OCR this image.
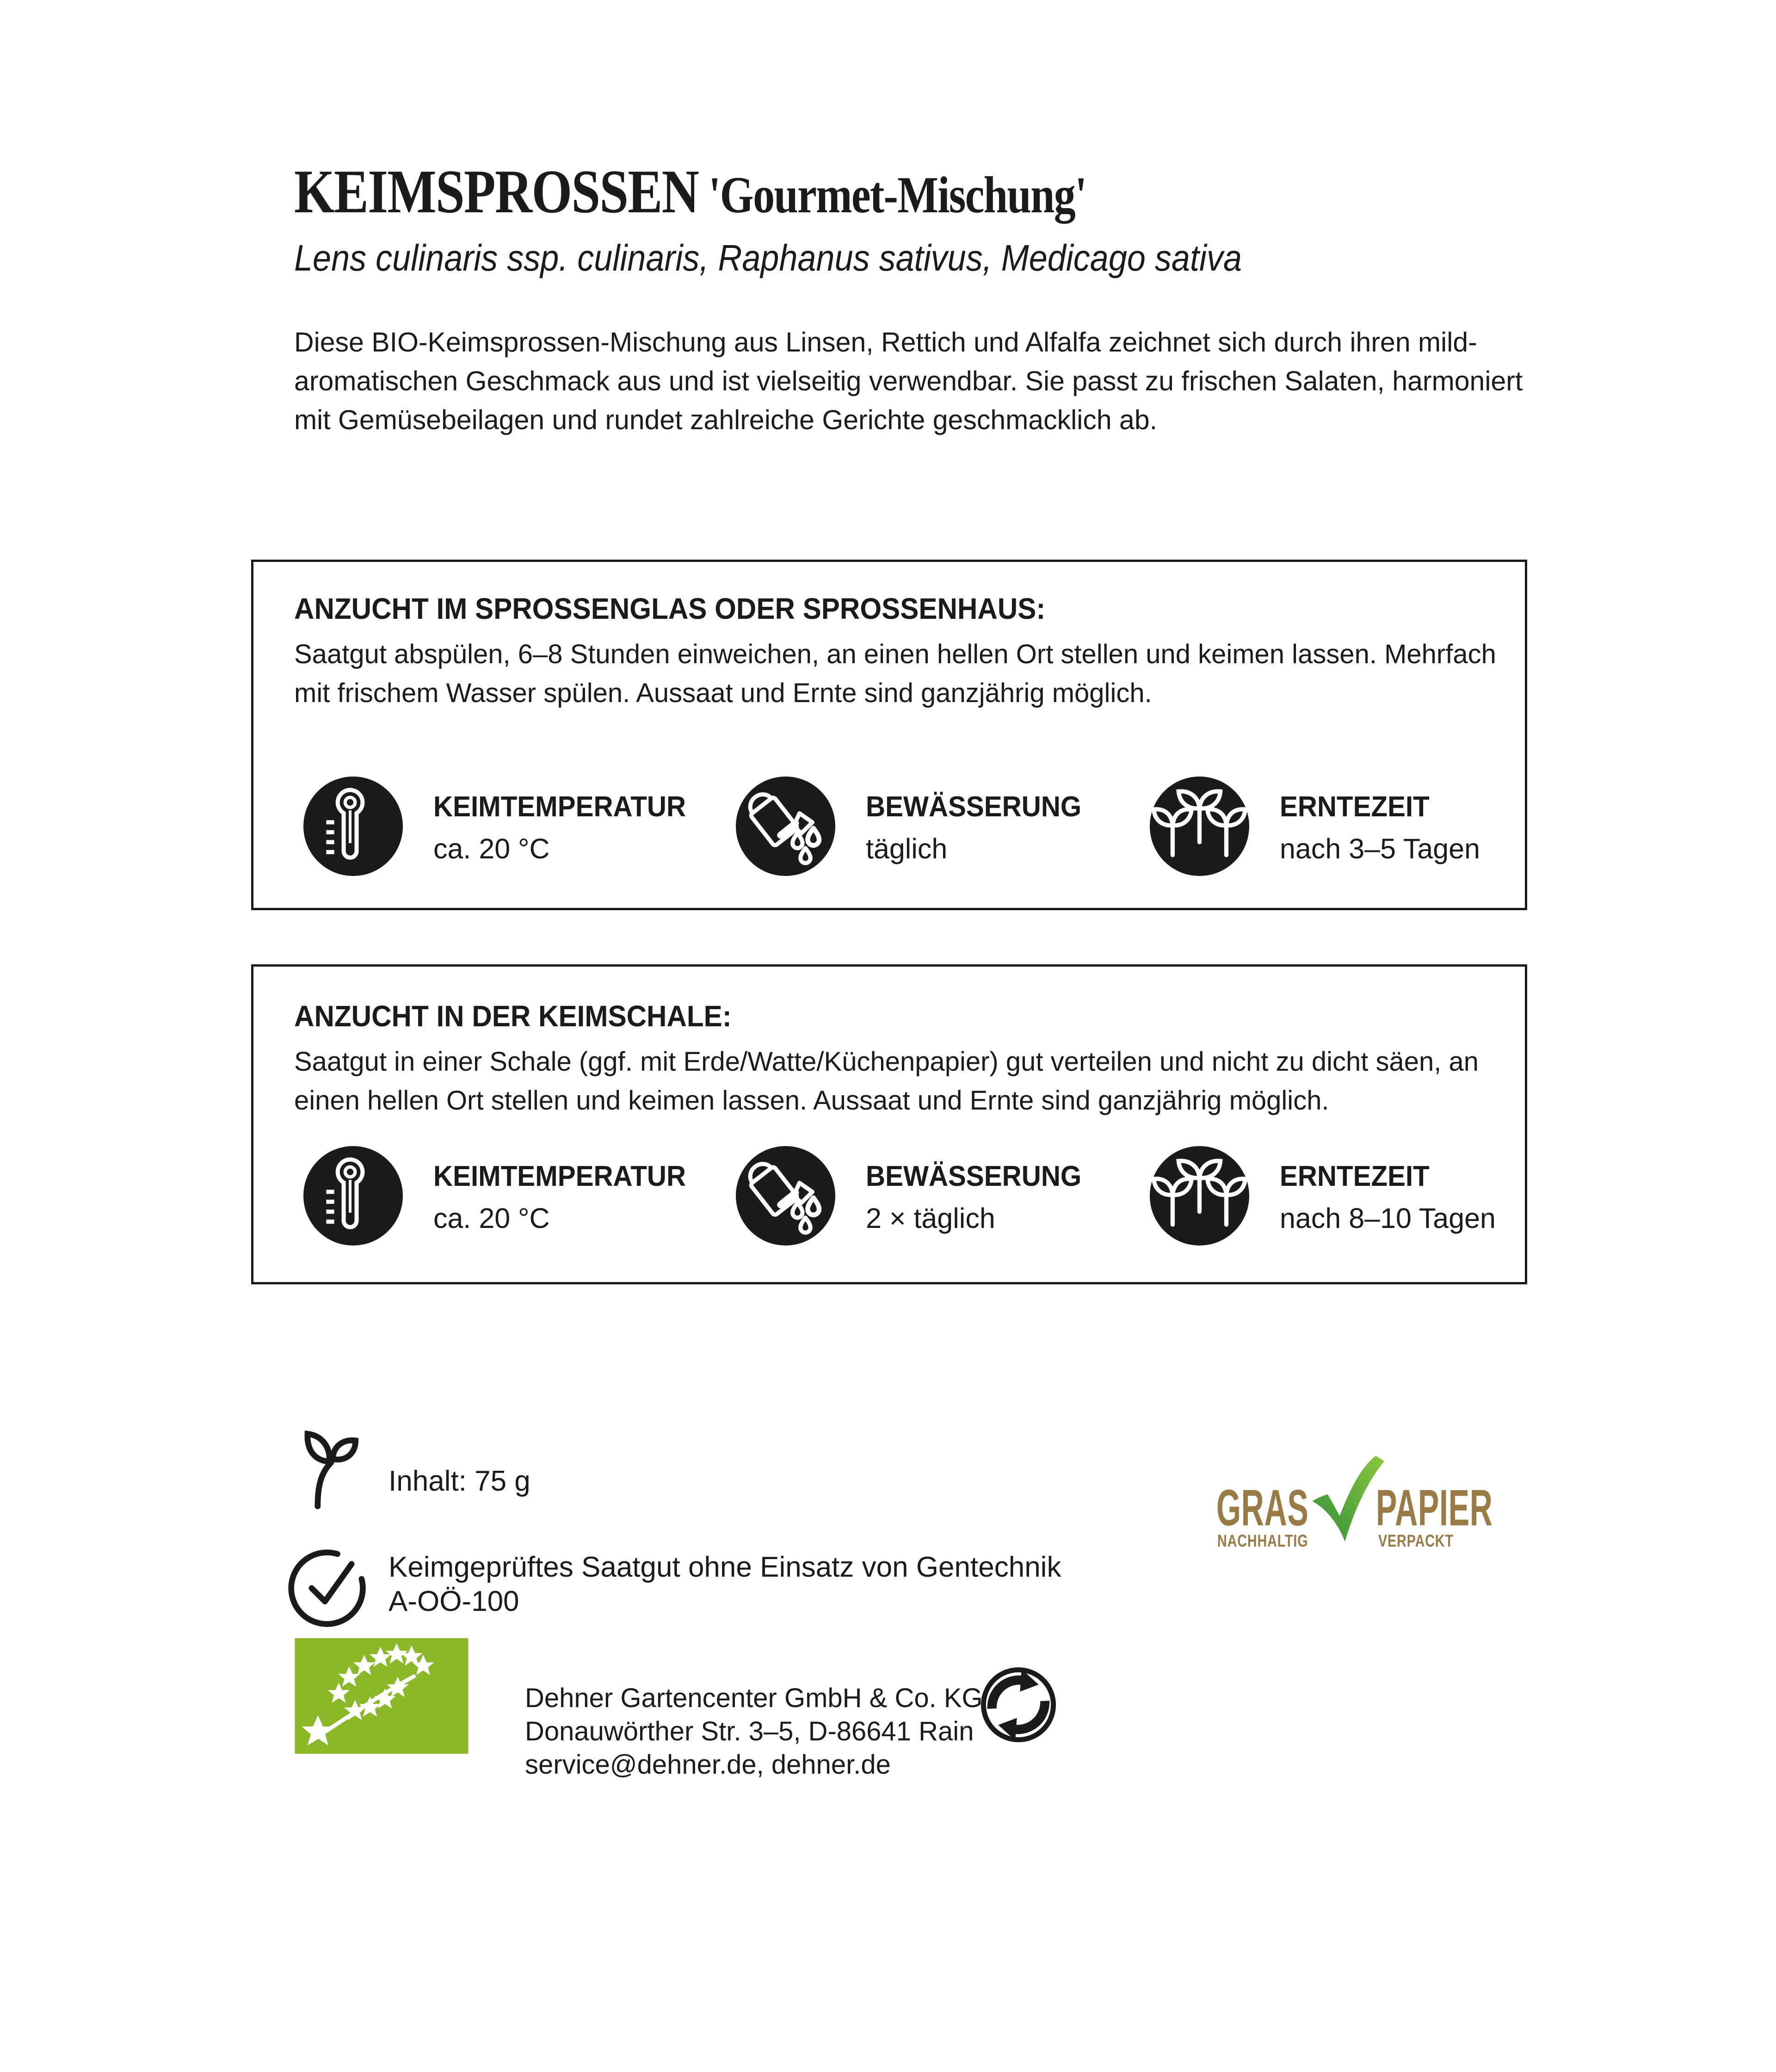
KEIMSPROSSEN 'Gourmet-Mischung'
Lens culinaris ssp. culinaris, Raphanus sativus, Medicago sativa

Diese BIO-Keimsprossen-Mischung aus Linsen, Rettich und Alfalfa zeichnet sich durch ihren mild-aromatischen Geschmack aus und ist vielseitig verwendbar. Sie passt zu frischen Salaten, harmoniert mit Gemüsebeilagen und rundet zahlreiche Gerichte geschmacklich ab.

ANZUCHT IM SPROSSENGLAS ODER SPROSSENHAUS:

Saatgut abspülen, 6–8 Stunden einweichen, an einen hellen Ort stellen und keimen lassen. Mehrfach mit frischem Wasser spülen. Aussaat und Ernte sind ganzjährig möglich.

KEIMTEMPERATUR
ca. 20 °C
BEWÄSSERUNG
täglich
ERNTEZEIT
nach 3–5 Tagen
ANZUCHT IN DER KEIMSCHALE:

Saatgut in einer Schale (ggf. mit Erde/Watte/Küchenpapier) gut verteilen und nicht zu dicht säen, an einen hellen Ort stellen und keimen lassen. Aussaat und Ernte sind ganzjährig möglich.

KEIMTEMPERATUR
ca. 20 °C
BEWÄSSERUNG
2 × täglich
ERNTEZEIT
nach 8–10 Tagen
Inhalt: 75 g
Keimgeprüftes Saatgut ohne Einsatz von Gentechnik
A-OÖ-100
GRAS PAPIER
NACHHALTIG	VERPACKT
Dehner Gartencenter GmbH & Co. KG
Donauwörther Str. 3–5, D-86641 Rain
service@dehner.de, dehner.de
